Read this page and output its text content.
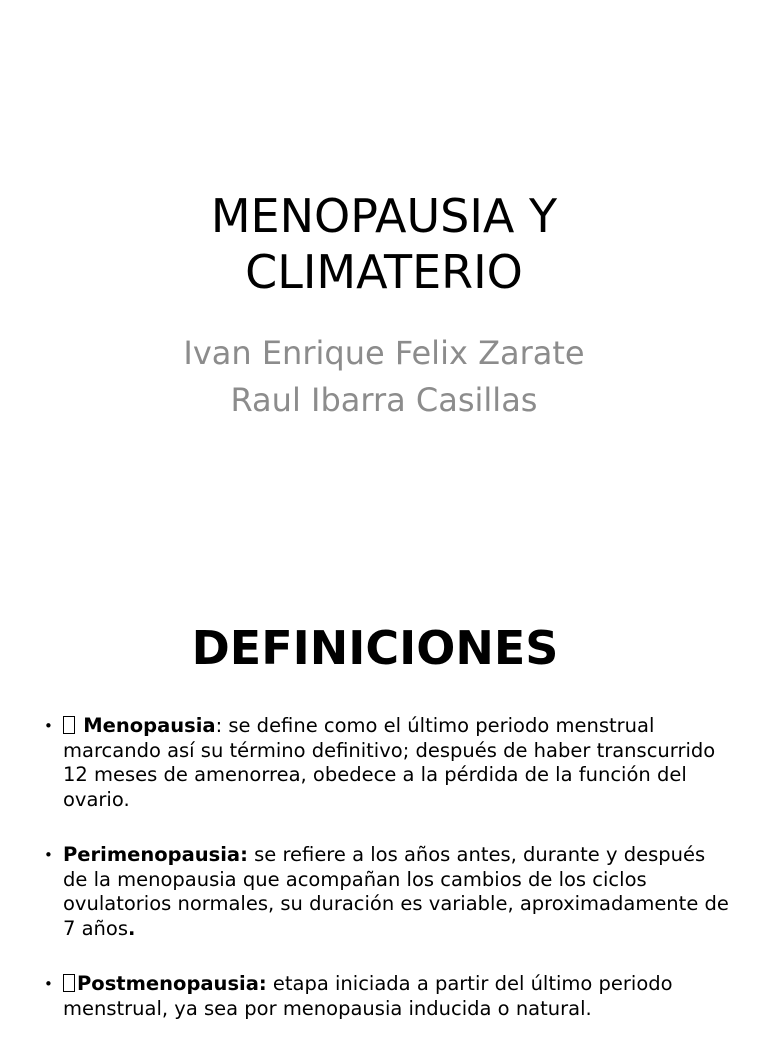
MENOPAUSIA Y
CLIMATERIO
Ivan Enrique Felix Zarate
Raul Ibarra Casillas
DEFINICIONES
• Menopausia: se define como el último periodo menstrual marcando así su término definitivo; después de haber transcurrido 12 meses de amenorrea, obedece a la pérdida de la función del ovario.
• Perimenopausia: se refiere a los años antes, durante y después de la menopausia que acompañan los cambios de los ciclos ovulatorios normales, su duración es variable, aproximadamente de 7 años.
• Postmenopausia: etapa iniciada a partir del último periodo menstrual, ya sea por menopausia inducida o natural.
